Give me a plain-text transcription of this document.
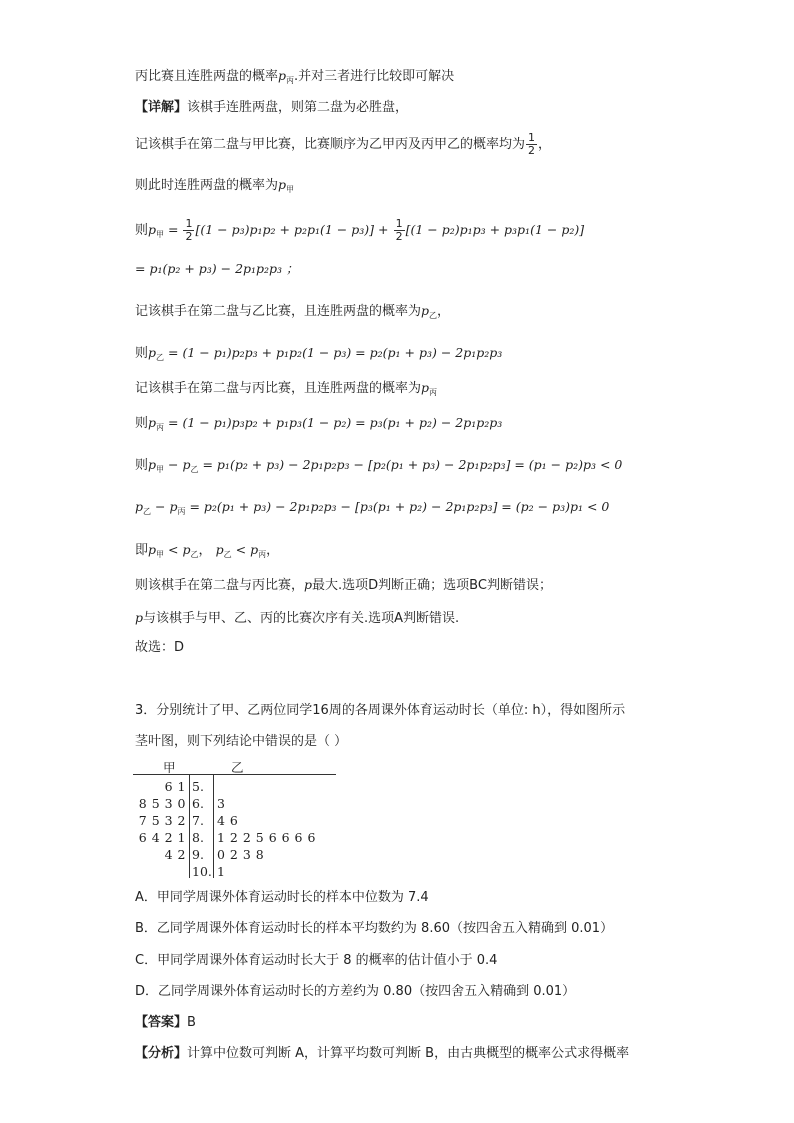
丙比赛且连胜两盘的概率$p_丙$.并对三者进行比较即可解决
【详解】该棋手连胜两盘，则第二盘为必胜盘，
记该棋手在第二盘与甲比赛，比赛顺序为乙甲丙及丙甲乙的概率均为 $\frac{1}{2}$ ，
则此时连胜两盘的概率为$p_甲$
则$p_甲 = \frac{1}{2} [(1 - p_3)p_1p_2 + p_2p_1(1 - p_3)] + \frac{1}{2} [(1 - p_2)p_1p_3 + p_3p_1(1 - p_2)]$
= p₁(p₂ + p₃) − 2p₁p₂p₃ ；
记该棋手在第二盘与乙比赛，且连胜两盘的概率为$p_乙$，
则$p_乙 = (1 - p_1)p_2p_3 + p_1p_2(1 - p_3) = p_2(p_1 + p_3) - 2p_1p_2p_3$
记该棋手在第二盘与丙比赛，且连胜两盘的概率为$p_丙$
则$p_丙 = (1 - p_1)p_3p_2 + p_1p_3(1 - p_2) = p_3(p_1 + p_2) - 2p_1p_2p_3$
则$p_甲 - p_乙 = p_1(p_2 + p_3) - 2p_1p_2p_3 - [p_2(p_1 + p_3) - 2p_1p_2p_3] = (p_1 - p_2)p_3 < 0$
$p_乙 - p_丙 = p_2(p_1 + p_3) - 2p_1p_2p_3 - [p_3(p_1 + p_2) - 2p_1p_2p_3] = (p_2 - p_3)p_1 < 0$
即$p_甲 < p_乙$， $p_乙 < p_丙$，
则该棋手在第二盘与丙比赛，p最大.选项D判断正确；选项BC判断错误；
p与该棋手与甲、乙、丙的比赛次序有关.选项A判断错误.
故选：D
3．分别统计了甲、乙两位同学16周的各周课外体育运动时长（单位: h），得如图所示
茎叶图，则下列结论中错误的是（ ）
甲	乙
6 1 5.
8 5 3 0 6. 3
7 5 3 2 7. 4 6
6 4 2 1 8. 1 2 2 5 6 6 6 6
4 2 9. 0 2 3 8
10. 1
A．甲同学周课外体育运动时长的样本中位数为 7.4
B．乙同学周课外体育运动时长的样本平均数约为 8.60（按四舍五入精确到 0.01）
C．甲同学周课外体育运动时长大于 8 的概率的估计值小于 0.4
D．乙同学周课外体育运动时长的方差约为 0.80（按四舍五入精确到 0.01）
【答案】B
【分析】计算中位数可判断 A，计算平均数可判断 B，由古典概型的概率公式求得概率
